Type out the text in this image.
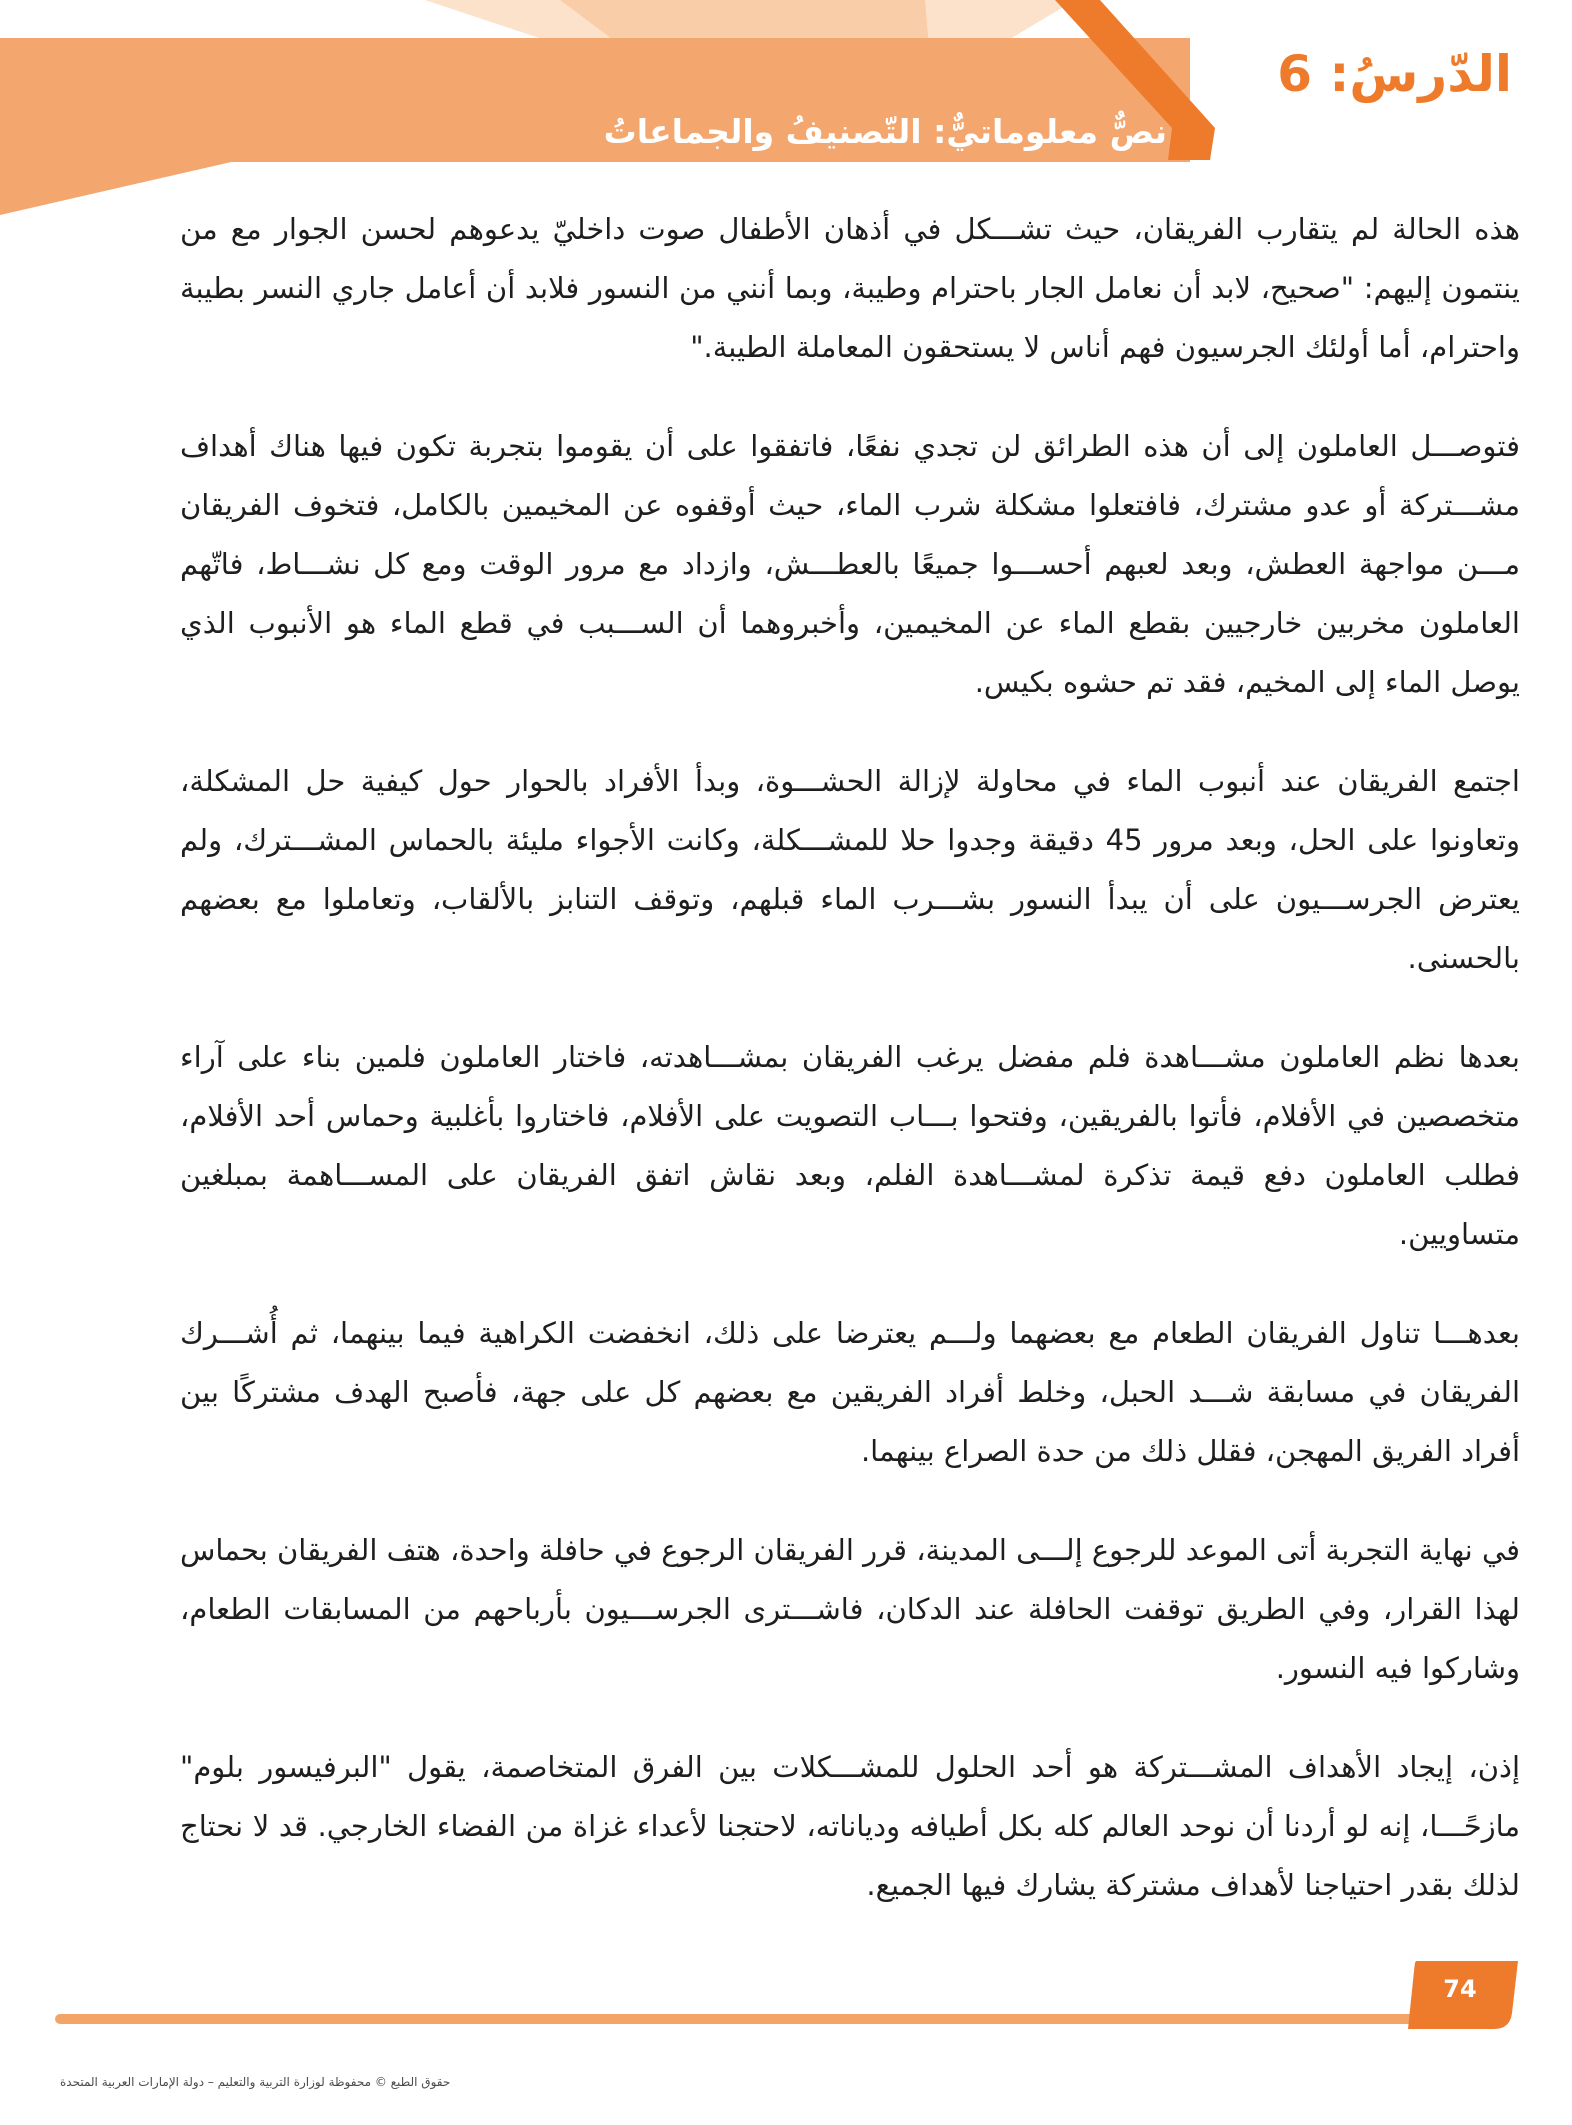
الدّرسُ: 6
نصٌّ معلوماتيٌّ: التّصنيفُ والجماعاتُ

هذه الحالة لم يتقارب الفريقان، حيث تشـــكل في أذهان الأطفال صوت داخليّ يدعوهم لحسن الجوار مع من ينتمون إليهم: "صحيح، لابد أن نعامل الجار باحترام وطيبة، وبما أنني من النسور فلابد أن أعامل جاري النسر بطيبة واحترام، أما أولئك الجرسيون فهم أناس لا يستحقون المعاملة الطيبة."

فتوصـــل العاملون إلى أن هذه الطرائق لن تجدي نفعًا، فاتفقوا على أن يقوموا بتجربة تكون فيها هناك أهداف مشـــتركة أو عدو مشترك، فافتعلوا مشكلة شرب الماء، حيث أوقفوه عن المخيمين بالكامل، فتخوف الفريقان مـــن مواجهة العطش، وبعد لعبهم أحســـوا جميعًا بالعطـــش، وازداد مع مرور الوقت ومع كل نشـــاط، فاتّهم العاملون مخربين خارجيين بقطع الماء عن المخيمين، وأخبروهما أن الســـبب في قطع الماء هو الأنبوب الذي يوصل الماء إلى المخيم، فقد تم حشوه بكيس.

اجتمع الفريقان عند أنبوب الماء في محاولة لإزالة الحشـــوة، وبدأ الأفراد بالحوار حول كيفية حل المشكلة، وتعاونوا على الحل، وبعد مرور 45 دقيقة وجدوا حلا للمشـــكلة، وكانت الأجواء مليئة بالحماس المشـــترك، ولم يعترض الجرســـيون على أن يبدأ النسور بشـــرب الماء قبلهم، وتوقف التنابز بالألقاب، وتعاملوا مع بعضهم بالحسنى.

بعدها نظم العاملون مشـــاهدة فلم مفضل يرغب الفريقان بمشـــاهدته، فاختار العاملون فلمين بناء على آراء متخصصين في الأفلام، فأتوا بالفريقين، وفتحوا بـــاب التصويت على الأفلام، فاختاروا بأغلبية وحماس أحد الأفلام، فطلب العاملون دفع قيمة تذكرة لمشـــاهدة الفلم، وبعد نقاش اتفق الفريقان على المســـاهمة بمبلغين متساويين.

بعدهـــا تناول الفريقان الطعام مع بعضهما ولـــم يعترضا على ذلك، انخفضت الكراهية فيما بينهما، ثم أُشـــرك الفريقان في مسابقة شـــد الحبل، وخلط أفراد الفريقين مع بعضهم كل على جهة، فأصبح الهدف مشتركًا بين أفراد الفريق المهجن، فقلل ذلك من حدة الصراع بينهما.

في نهاية التجربة أتى الموعد للرجوع إلـــى المدينة، قرر الفريقان الرجوع في حافلة واحدة، هتف الفريقان بحماس لهذا القرار، وفي الطريق توقفت الحافلة عند الدكان، فاشـــترى الجرســـيون بأرباحهم من المسابقات الطعام، وشاركوا فيه النسور.

إذن، إيجاد الأهداف المشـــتركة هو أحد الحلول للمشـــكلات بين الفرق المتخاصمة، يقول "البرفيسور بلوم" مازحًـــا، إنه لو أردنا أن نوحد العالم كله بكل أطيافه ودياناته، لاحتجنا لأعداء غزاة من الفضاء الخارجي. قد لا نحتاج لذلك بقدر احتياجنا لأهداف مشتركة يشارك فيها الجميع.

74
حقوق الطبع © محفوظة لوزارة التربية والتعليم – دولة الإمارات العربية المتحدة
